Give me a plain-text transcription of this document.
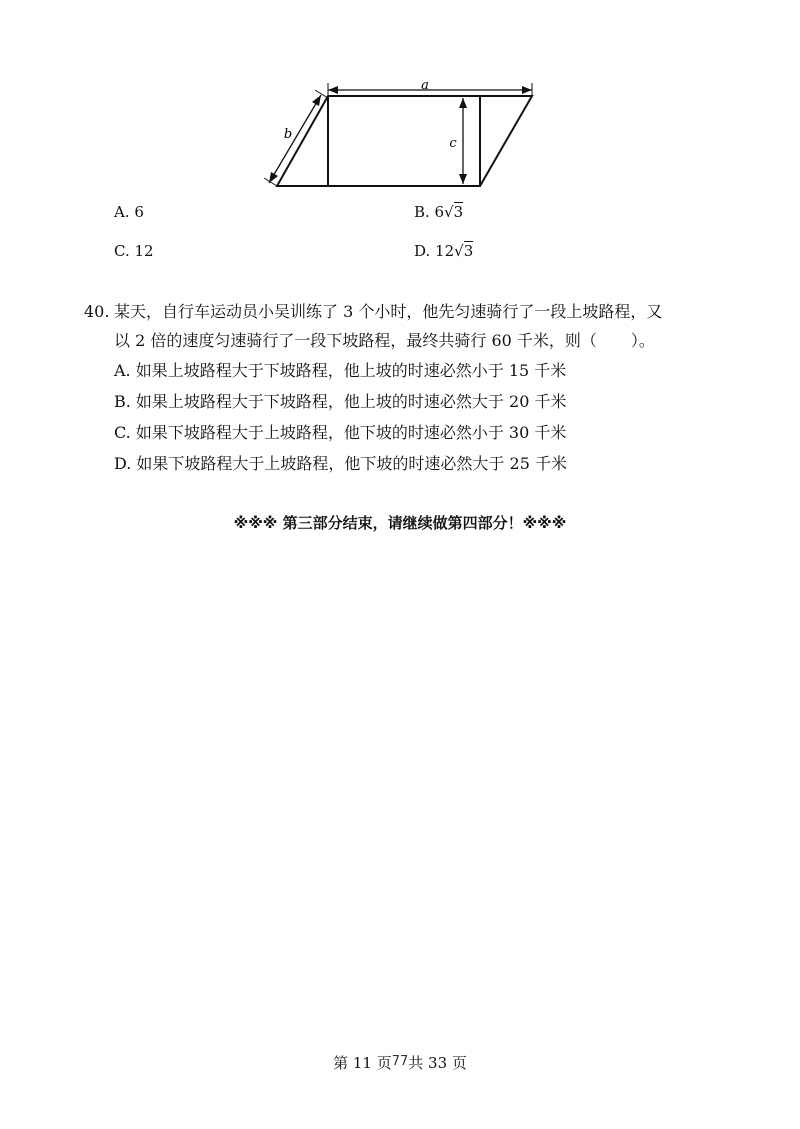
a
c
b
A. 6	B. 6√3
C. 12	D. 12√3
40. 某天，自行车运动员小吴训练了 3 个小时，他先匀速骑行了一段上坡路程，又
以 2 倍的速度匀速骑行了一段下坡路程，最终共骑行 60 千米，则（ ）。
A. 如果上坡路程大于下坡路程，他上坡的时速必然小于 15 千米
B. 如果上坡路程大于下坡路程，他上坡的时速必然大于 20 千米
C. 如果下坡路程大于上坡路程，他下坡的时速必然小于 30 千米
D. 如果下坡路程大于上坡路程，他下坡的时速必然大于 25 千米
※※※ 第三部分结束，请继续做第四部分！※※※
第 11 页77共 33 页
